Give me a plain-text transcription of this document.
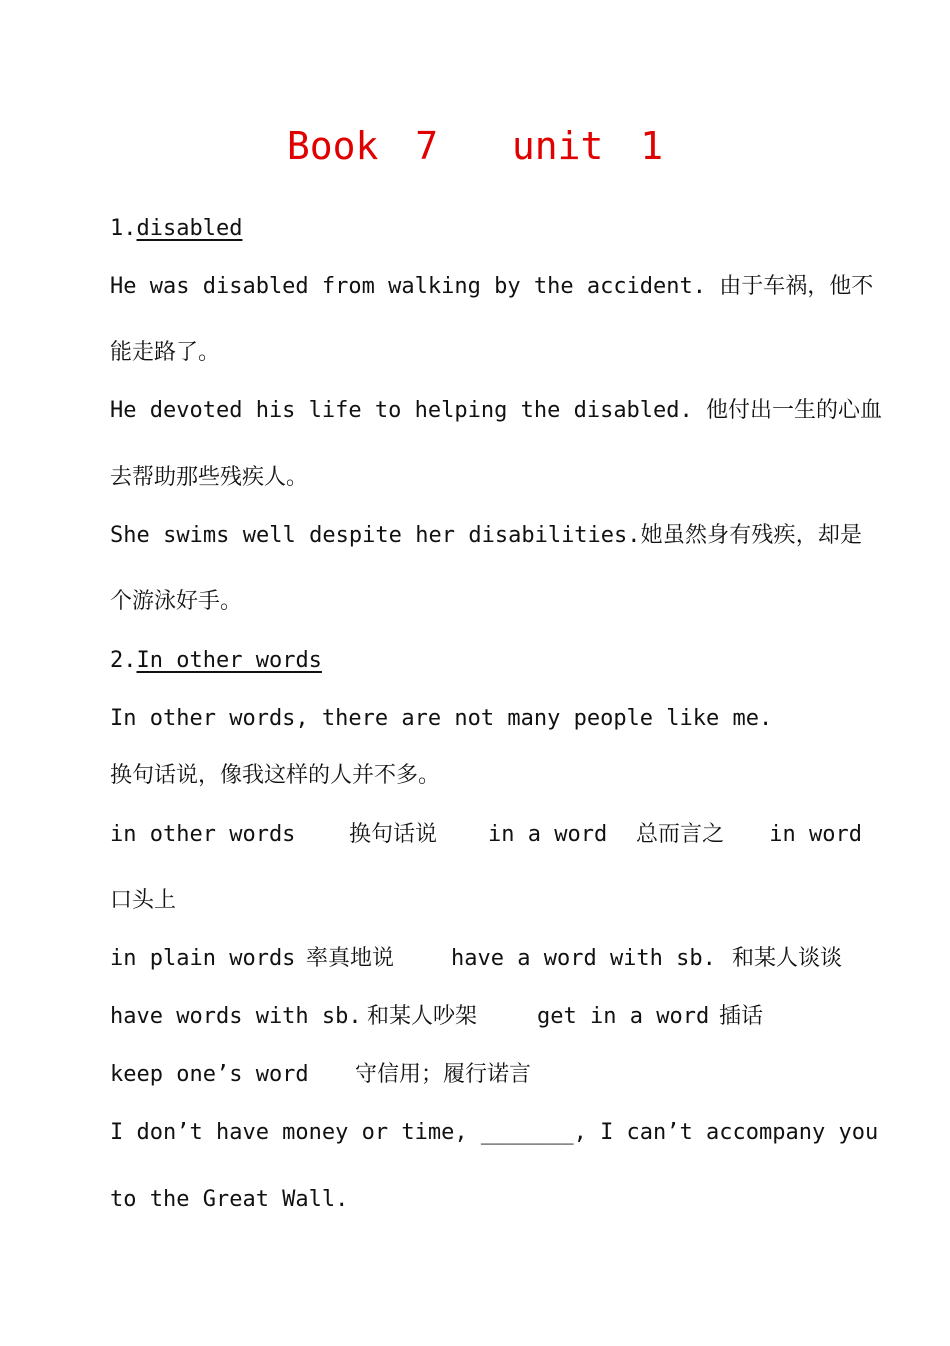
Book 7  unit 1
1.disabled
He was disabled from walking by the accident. 由于车祸，他不
能走路了。
He devoted his life to helping the disabled. 他付出一生的心血
去帮助那些残疾人。
She swims well despite her disabilities.她虽然身有残疾，却是
个游泳好手。
2.In other words
In other words, there are not many people like me.
换句话说，像我这样的人并不多。
in other words 换句话说 in a word 总而言之 in word
口头上
in plain words 率真地说	have a word with sb. 和某人谈谈
have words with sb. 和某人吵架	get in a word 插话
keep one’s word 守信用；履行诺言
I don’t have money or time, _______, I can’t accompany you
to the Great Wall.
